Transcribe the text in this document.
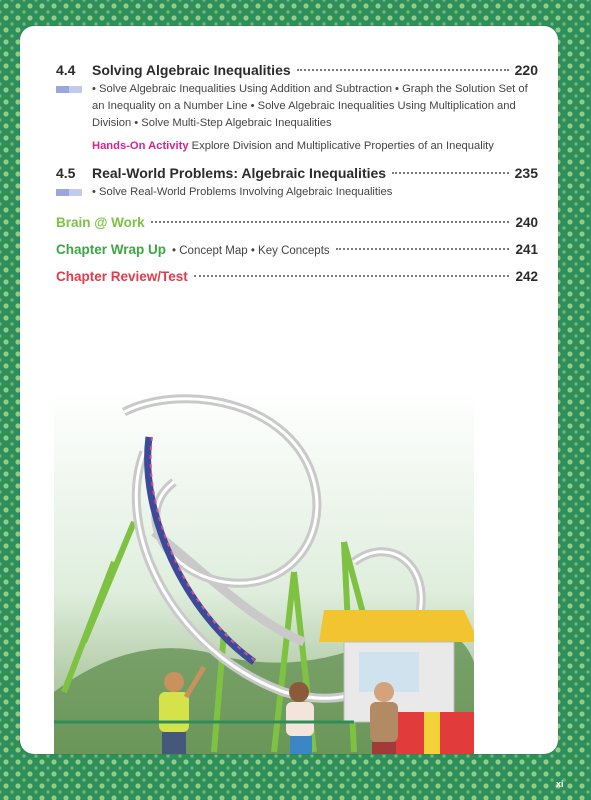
4.4	Solving Algebraic Inequalities	220
• Solve Algebraic Inequalities Using Addition and Subtraction • Graph the Solution Set of an Inequality on a Number Line • Solve Algebraic Inequalities Using Multiplication and Division • Solve Multi-Step Algebraic Inequalities
Hands-On Activity Explore Division and Multiplicative Properties of an Inequality
4.5	Real-World Problems: Algebraic Inequalities	235
• Solve Real-World Problems Involving Algebraic Inequalities
Brain @ Work	240
Chapter Wrap Up • Concept Map • Key Concepts	241
Chapter Review/Test	242
xi
